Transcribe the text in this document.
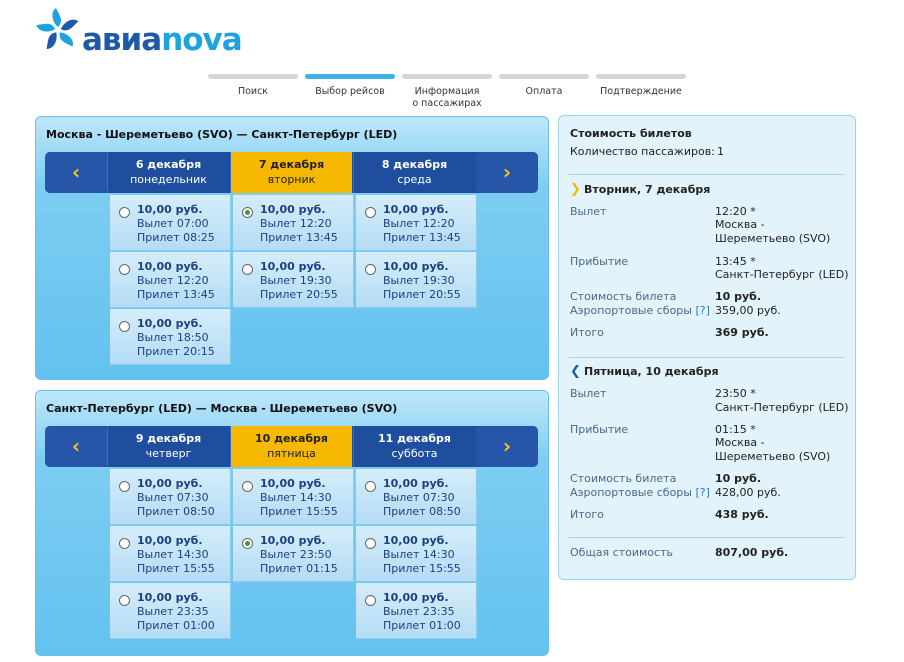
авиаnova
Поиск	Выбор рейсов	Информация
о пассажирах
Оплата	Подтверждение
Москва - Шереметьево (SVO) — Санкт-Петербург (LED)
‹	6 декабря
понедельник
7 декабря
вторник
8 декабря
среда	›
10,00 руб.
Вылет 07:00
Прилет 08:25
10,00 руб.
Вылет 12:20
Прилет 13:45
10,00 руб.
Вылет 18:50
Прилет 20:15
10,00 руб.
Вылет 12:20
Прилет 13:45
10,00 руб.
Вылет 19:30
Прилет 20:55
10,00 руб.
Вылет 12:20
Прилет 13:45
10,00 руб.
Вылет 19:30
Прилет 20:55
Санкт-Петербург (LED) — Москва - Шереметьево (SVO)
‹	9 декабря
четверг
10 декабря
пятница
11 декабря
суббота	›
10,00 руб.
Вылет 07:30
Прилет 08:50
10,00 руб.
Вылет 14:30
Прилет 15:55
10,00 руб.
Вылет 23:35
Прилет 01:00
10,00 руб.
Вылет 14:30
Прилет 15:55
10,00 руб.
Вылет 23:50
Прилет 01:15
10,00 руб.
Вылет 07:30
Прилет 08:50
10,00 руб.
Вылет 14:30
Прилет 15:55
10,00 руб.
Вылет 23:35
Прилет 01:00
Стоимость билетов
Количество пассажиров: 1
❯ Вторник, 7 декабря
Вылет	12:20 *
Москва -
Шереметьево (SVO)
Прибытие	13:45 *
Санкт-Петербург (LED)
Стоимость билета	10 руб.
Аэропортовые сборы [?] 359,00 руб.
Итого	369 руб.
❮ Пятница, 10 декабря
Вылет	23:50 *
Санкт-Петербург (LED)
Прибытие	01:15 *
Москва -
Шереметьево (SVO)
Стоимость билета	10 руб.
Аэропортовые сборы [?] 428,00 руб.
Итого	438 руб.
Общая стоимость	807,00 руб.
